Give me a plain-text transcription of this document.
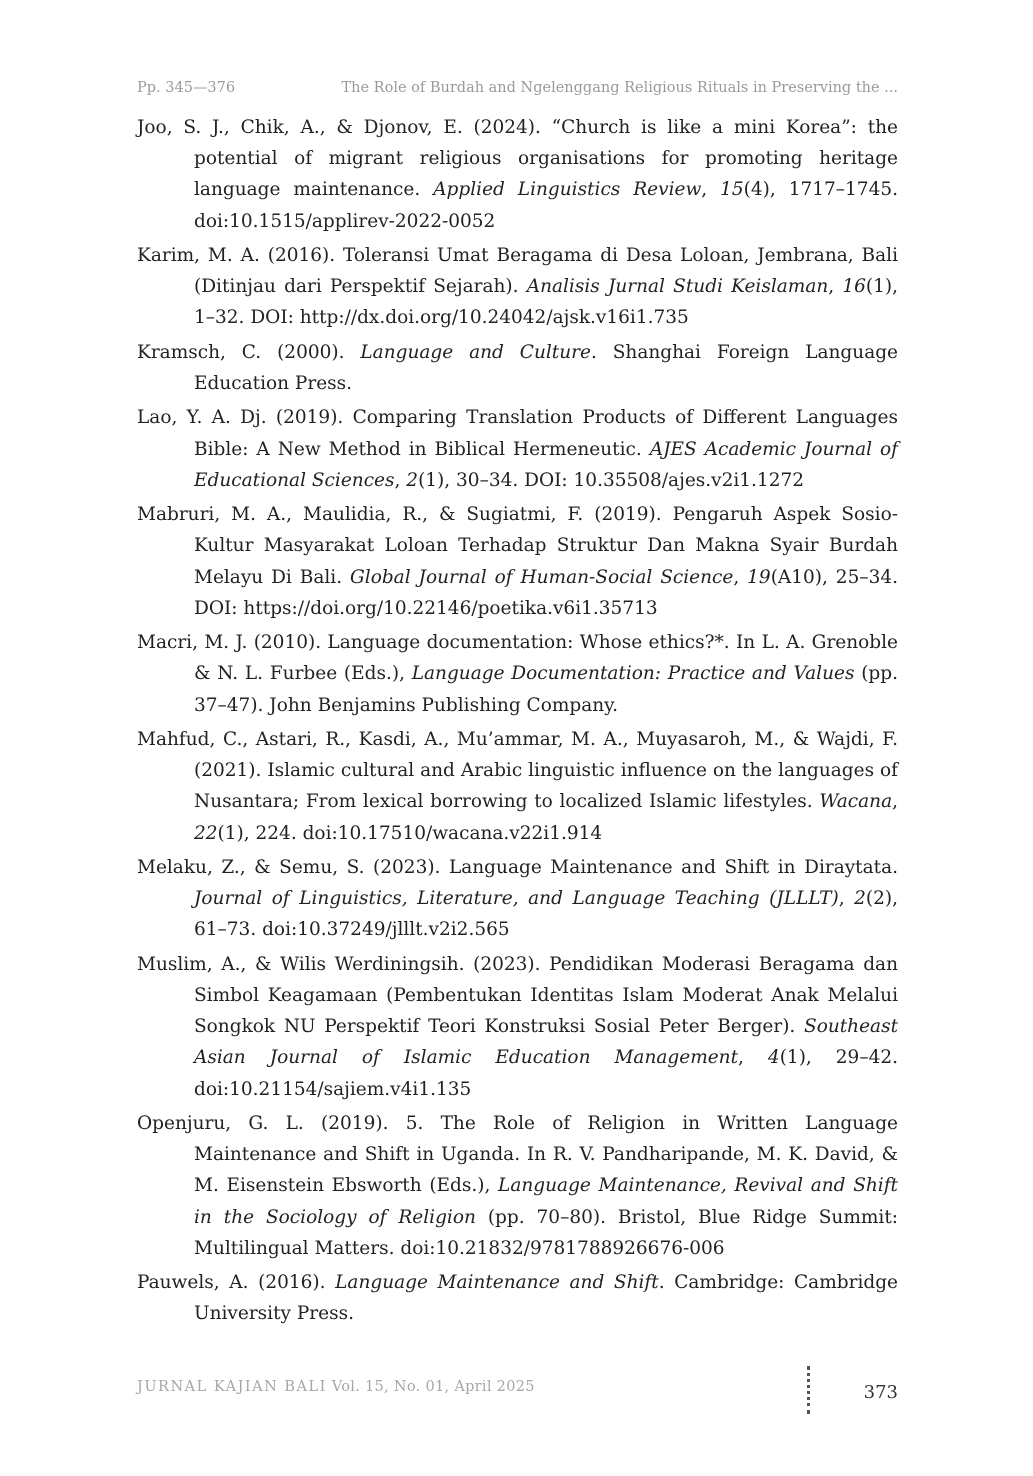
Pp. 345—376	The Role of Burdah and Ngelenggang Religious Rituals in Preserving the ...
Joo, S. J., Chik, A., & Djonov, E. (2024). “Church is like a mini Korea”: the potential of migrant religious organisations for promoting heritage language maintenance. Applied Linguistics Review, 15(4), 1717–1745. doi:10.1515/applirev-2022-0052
Karim, M. A. (2016). Toleransi Umat Beragama di Desa Loloan, Jembrana, Bali (Ditinjau dari Perspektif Sejarah). Analisis Jurnal Studi Keislaman, 16(1), 1–32. DOI: http://dx.doi.org/10.24042/ajsk.v16i1.735
Kramsch, C. (2000). Language and Culture. Shanghai Foreign Language Education Press.
Lao, Y. A. Dj. (2019). Comparing Translation Products of Different Languages Bible: A New Method in Biblical Hermeneutic. AJES Academic Journal of Educational Sciences, 2(1), 30–34. DOI: 10.35508/ajes.v2i1.1272
Mabruri, M. A., Maulidia, R., & Sugiatmi, F. (2019). Pengaruh Aspek Sosio-Kultur Masyarakat Loloan Terhadap Struktur Dan Makna Syair Burdah Melayu Di Bali. Global Journal of Human-Social Science, 19(A10), 25–34. DOI: https://doi.org/10.22146/poetika.v6i1.35713
Macri, M. J. (2010). Language documentation: Whose ethics?*. In L. A. Grenoble & N. L. Furbee (Eds.), Language Documentation: Practice and Values (pp. 37–47). John Benjamins Publishing Company.
Mahfud, C., Astari, R., Kasdi, A., Mu’ammar, M. A., Muyasaroh, M., & Wajdi, F. (2021). Islamic cultural and Arabic linguistic influence on the languages of Nusantara; From lexical borrowing to localized Islamic lifestyles. Wacana, 22(1), 224. doi:10.17510/wacana.v22i1.914
Melaku, Z., & Semu, S. (2023). Language Maintenance and Shift in Diraytata. Journal of Linguistics, Literature, and Language Teaching (JLLLT), 2(2), 61–73. doi:10.37249/jlllt.v2i2.565
Muslim, A., & Wilis Werdiningsih. (2023). Pendidikan Moderasi Beragama dan Simbol Keagamaan (Pembentukan Identitas Islam Moderat Anak Melalui Songkok NU Perspektif Teori Konstruksi Sosial Peter Berger). Southeast Asian Journal of Islamic Education Management, 4(1), 29–42. doi:10.21154/sajiem.v4i1.135
Openjuru, G. L. (2019). 5. The Role of Religion in Written Language Maintenance and Shift in Uganda. In R. V. Pandharipande, M. K. David, & M. Eisenstein Ebsworth (Eds.), Language Maintenance, Revival and Shift in the Sociology of Religion (pp. 70–80). Bristol, Blue Ridge Summit: Multilingual Matters. doi:10.21832/9781788926676-006
Pauwels, A. (2016). Language Maintenance and Shift. Cambridge: Cambridge University Press.
JURNAL KAJIAN BALI Vol. 15, No. 01, April 2025	373
